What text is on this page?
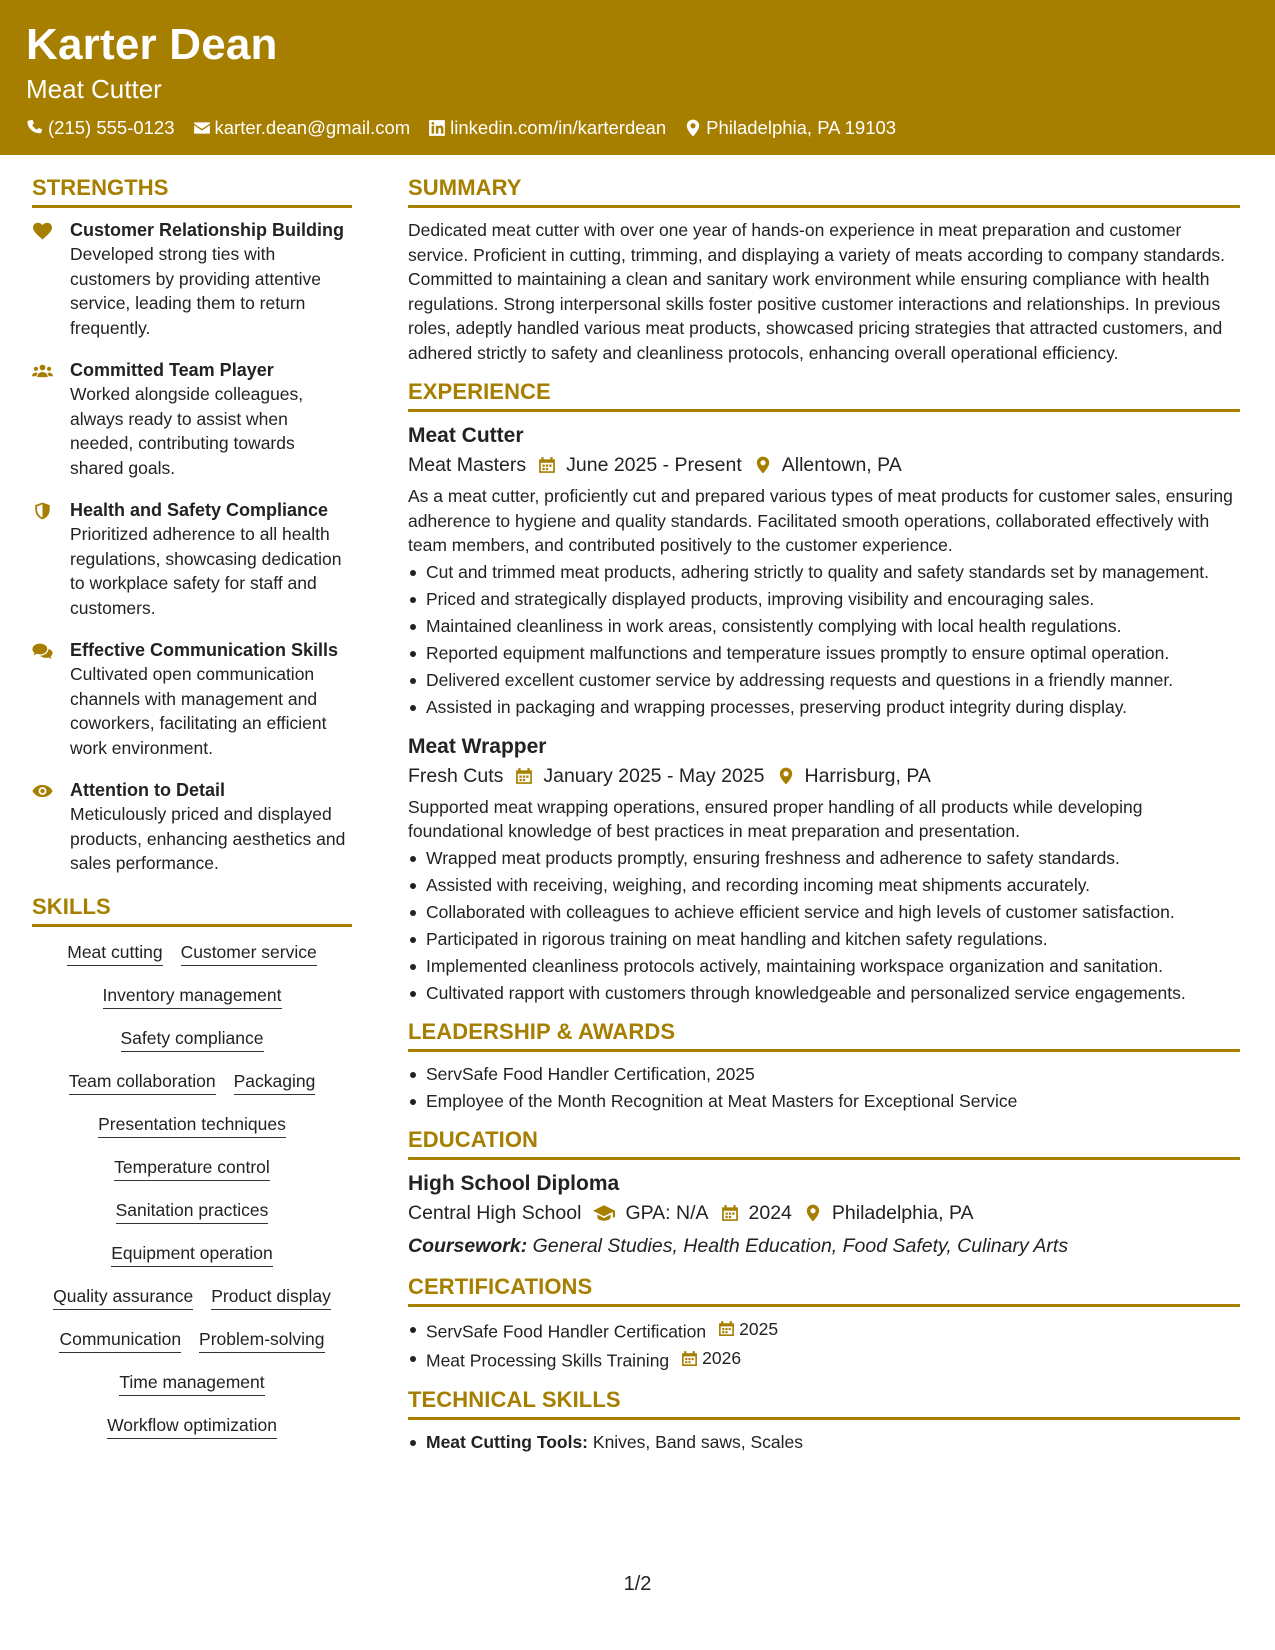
Karter Dean
Meat Cutter
(215) 555-0123 karter.dean@gmail.com linkedin.com/in/karterdean Philadelphia, PA 19103
STRENGTHS
Customer Relationship Building
Developed strong ties with customers by providing attentive service, leading them to return frequently.
Committed Team Player
Worked alongside colleagues, always ready to assist when needed, contributing towards shared goals.
Health and Safety Compliance
Prioritized adherence to all health regulations, showcasing dedication to workplace safety for staff and customers.
Effective Communication Skills
Cultivated open communication channels with management and coworkers, facilitating an efficient work environment.
Attention to Detail
Meticulously priced and displayed products, enhancing aesthetics and sales performance.
SKILLS
Meat cutting Customer service
Inventory management
Safety compliance
Team collaboration Packaging
Presentation techniques
Temperature control
Sanitation practices
Equipment operation
Quality assurance Product display
Communication Problem-solving
Time management
Workflow optimization
SUMMARY
Dedicated meat cutter with over one year of hands-on experience in meat preparation and customer service. Proficient in cutting, trimming, and displaying a variety of meats according to company standards. Committed to maintaining a clean and sanitary work environment while ensuring compliance with health regulations. Strong interpersonal skills foster positive customer interactions and relationships. In previous roles, adeptly handled various meat products, showcased pricing strategies that attracted customers, and adhered strictly to safety and cleanliness protocols, enhancing overall operational efficiency.
EXPERIENCE
Meat Cutter
Meat Masters June 2025 - Present Allentown, PA
As a meat cutter, proficiently cut and prepared various types of meat products for customer sales, ensuring adherence to hygiene and quality standards. Facilitated smooth operations, collaborated effectively with team members, and contributed positively to the customer experience.
Cut and trimmed meat products, adhering strictly to quality and safety standards set by management.
Priced and strategically displayed products, improving visibility and encouraging sales.
Maintained cleanliness in work areas, consistently complying with local health regulations.
Reported equipment malfunctions and temperature issues promptly to ensure optimal operation.
Delivered excellent customer service by addressing requests and questions in a friendly manner.
Assisted in packaging and wrapping processes, preserving product integrity during display.
Meat Wrapper
Fresh Cuts January 2025 - May 2025 Harrisburg, PA
Supported meat wrapping operations, ensured proper handling of all products while developing foundational knowledge of best practices in meat preparation and presentation.
Wrapped meat products promptly, ensuring freshness and adherence to safety standards.
Assisted with receiving, weighing, and recording incoming meat shipments accurately.
Collaborated with colleagues to achieve efficient service and high levels of customer satisfaction.
Participated in rigorous training on meat handling and kitchen safety regulations.
Implemented cleanliness protocols actively, maintaining workspace organization and sanitation.
Cultivated rapport with customers through knowledgeable and personalized service engagements.
LEADERSHIP & AWARDS
ServSafe Food Handler Certification, 2025
Employee of the Month Recognition at Meat Masters for Exceptional Service
EDUCATION
High School Diploma
Central High School GPA: N/A 2024 Philadelphia, PA
Coursework: General Studies, Health Education, Food Safety, Culinary Arts
CERTIFICATIONS
ServSafe Food Handler Certification 2025
Meat Processing Skills Training 2026
TECHNICAL SKILLS
Meat Cutting Tools: Knives, Band saws, Scales
1/2
